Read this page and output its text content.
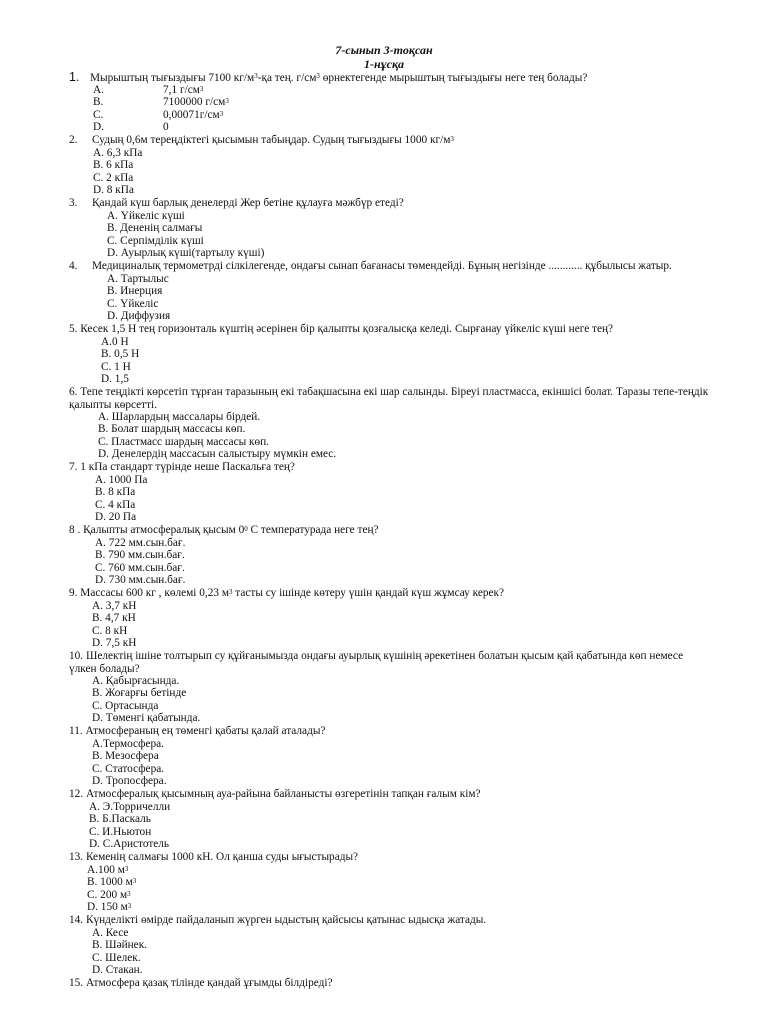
7-сынып 3-тоқсан
1-нұсқа
1. Мырыштың тығыздығы 7100 $кг/м^3-қа$ тең. $г/см^3$ өрнектегенде мырыштың тығыздығы неге тең болады?
A.	7,1 $г/см^3$
B.	7100000 $г/см^3$
C.	$0,00071г/см^3$
D.	0
2. Судың 0,6м тереңдіктегі қысымын табыңдар. Судың тығыздығы 1000 $кг/м^3$
A. 6,3 кПа
B. 6 кПа
C. 2 кПа
D. 8 кПа
3. Қандай күш барлық денелерді Жер бетіне құлауға мәжбүр етеді?
А. Үйкеліс күші
В. Дененің салмағы
С. Серпімділік күші
D. Ауырлық күші(тартылу күші)
4. Медициналық термометрді сілкілегенде, ондағы сынап бағанасы төмендейді. Бұның негізінде ............ құбылысы жатыр.
A. Тартылыс
B. Инерция
C. Үйкеліс
D. Диффузия
5. Кесек 1,5 Н тең горизонталь күштің әсерінен бір қалыпты қозғалысқа келеді. Сырғанау үйкеліс күші неге тең?
A.0 Н
B. 0,5 Н
C. 1 Н
D. 1,5
6. Тепе теңдікті көрсетіп тұрған таразының екі табақшасына екі шар салынды. Біреуі пластмасса, екіншісі болат. Таразы тепе-теңдік қалыпты көрсетті.
A. Шарлардың массалары бірдей.
B. Болат шардың массасы көп.
C. Пластмасс шардың массасы көп.
D. Денелердің массасын салыстыру мүмкін емес.
7. 1 кПа стандарт түрінде неше Паскальға тең?
A. 1000 Па
B. 8 кПа
C. 4 кПа
D. 20 Па
8 . Қалыпты атмосфералық қысым $0^0$ С температурада неге тең?
A. 722 мм.сын.бағ.
B. 790 мм.сын.бағ.
C. 760 мм.сын.бағ.
D. 730 мм.сын.бағ.
9. Массасы 600 кг , көлемі 0,23 $м^3$ тасты су ішінде көтеру үшін қандай күш жұмсау керек?
A. 3,7 кН
B. 4,7 кН
C. 8 кН
D. 7,5 кН
10. Шелектің ішіне толтырып су құйғанымызда ондағы ауырлық күшінің әрекетінен болатын қысым қай қабатында көп немесе үлкен болады?
A. Қабырғасында.
B. Жоғарғы бетінде
C. Ортасында
D. Төменгі қабатында.
11. Атмосфераның ең төменгі қабаты қалай аталады?
A.Термосфера.
B. Мезосфера
C. Статосфера.
D. Тропосфера.
12. Атмосфералық қысымның ауа-райына байланысты өзгеретінін тапқан ғалым кім?
A. Э.Торричелли
B. Б.Паскаль
C. И.Ньютон
D. С.Аристотель
13. Кеменің салмағы 1000 кН. Ол қанша суды ығыстырады?
A.100 $м^3$
B. 1000 $м^3$
C. 200 $м^3$
D. 150 $м^3$
14. Күнделікті өмірде пайдаланып жүрген ыдыстың қайсысы қатынас ыдысқа жатады.
А. Кесе
В. Шәйнек.
С. Шелек.
D. Стакан.
15. Атмосфера қазақ тілінде қандай ұғымды білдіреді?
